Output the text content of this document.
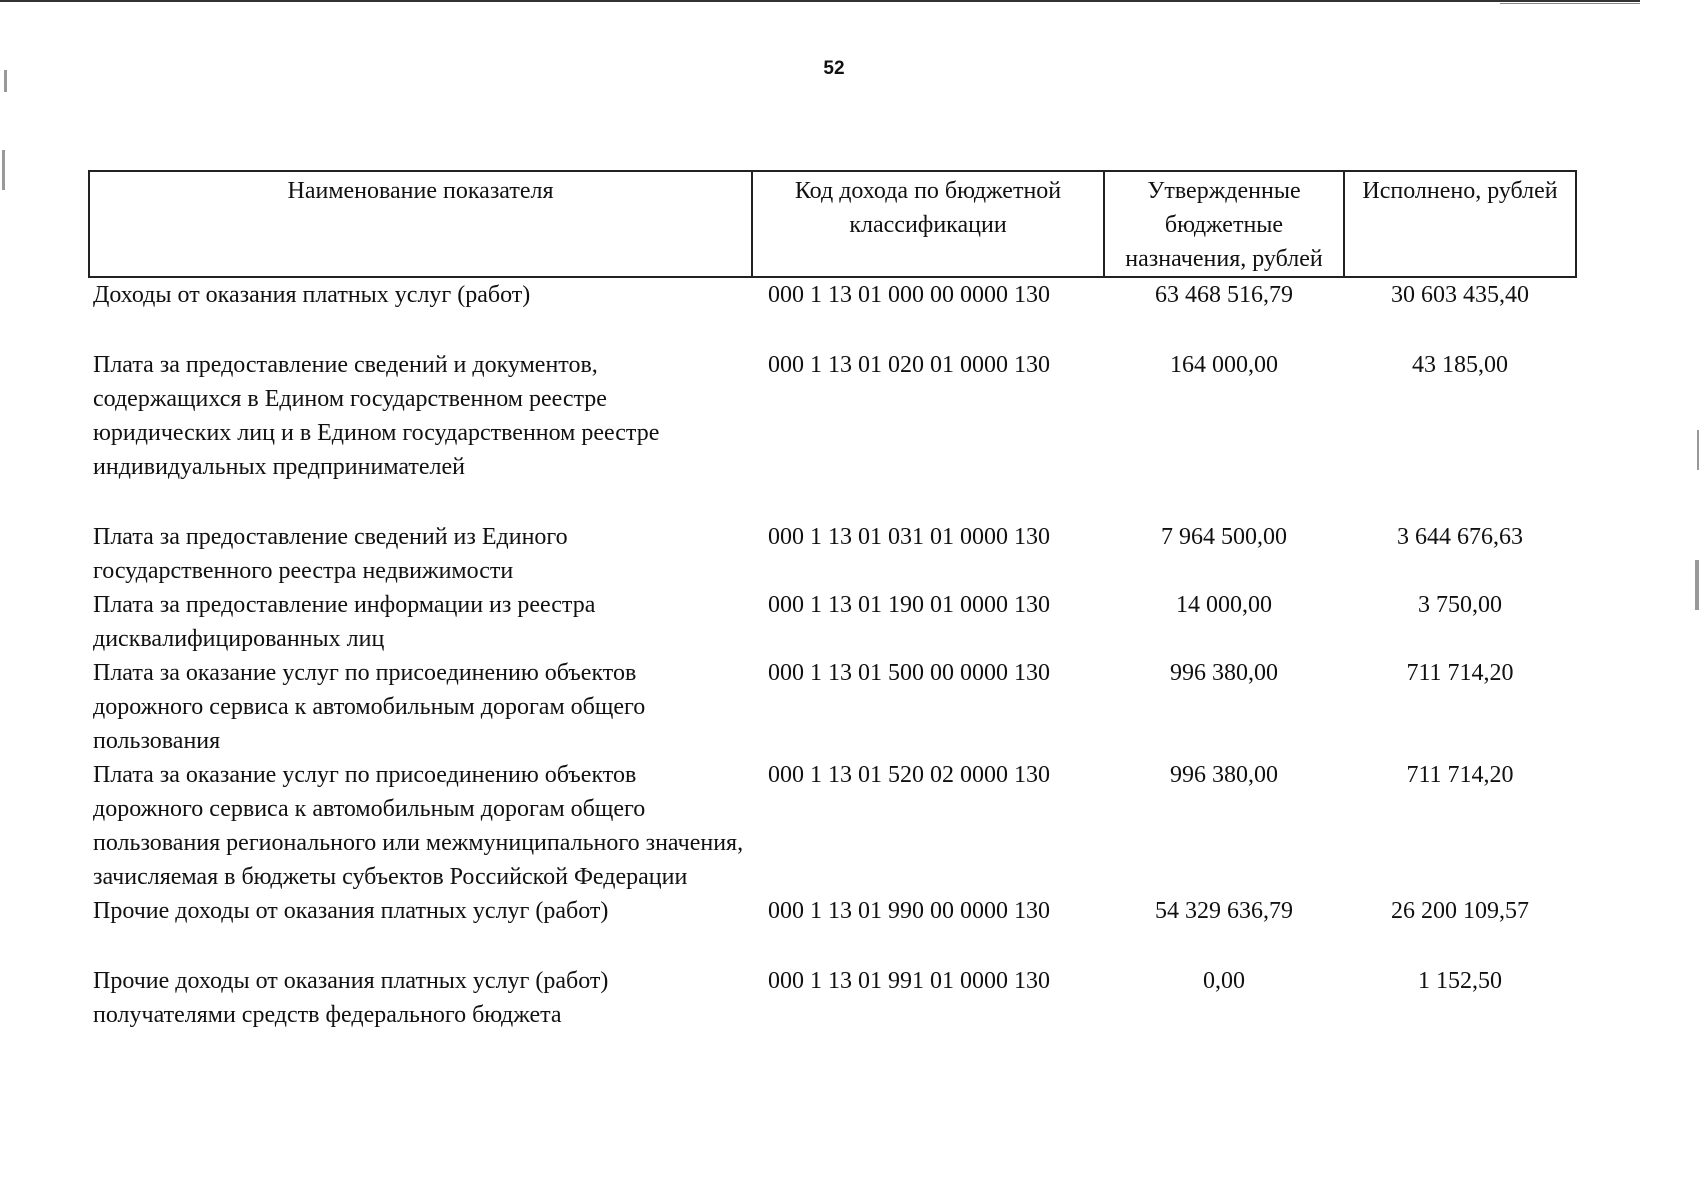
52
Наименование показателя	Код дохода по бюджетной классификации	Утвержденные бюджетные назначения, рублей	Исполнено, рублей
Доходы от оказания платных услуг (работ)	000 1 13 01 000 00 0000 130	63 468 516,79	30 603 435,40
Плата за предоставление сведений и документов, содержащихся в Едином государственном реестре юридических лиц и в Едином государственном реестре индивидуальных предпринимателей	000 1 13 01 020 01 0000 130	164 000,00	43 185,00
Плата за предоставление сведений из Единого государственного реестра недвижимости	000 1 13 01 031 01 0000 130	7 964 500,00	3 644 676,63
Плата за предоставление информации из реестра дисквалифицированных лиц	000 1 13 01 190 01 0000 130	14 000,00	3 750,00
Плата за оказание услуг по присоединению объектов дорожного сервиса к автомобильным дорогам общего пользования	000 1 13 01 500 00 0000 130	996 380,00	711 714,20
Плата за оказание услуг по присоединению объектов дорожного сервиса к автомобильным дорогам общего пользования регионального или межмуниципального значения, зачисляемая в бюджеты субъектов Российской Федерации	000 1 13 01 520 02 0000 130	996 380,00	711 714,20
Прочие доходы от оказания платных услуг (работ)	000 1 13 01 990 00 0000 130	54 329 636,79	26 200 109,57
Прочие доходы от оказания платных услуг (работ) получателями средств федерального бюджета	000 1 13 01 991 01 0000 130	0,00	1 152,50
